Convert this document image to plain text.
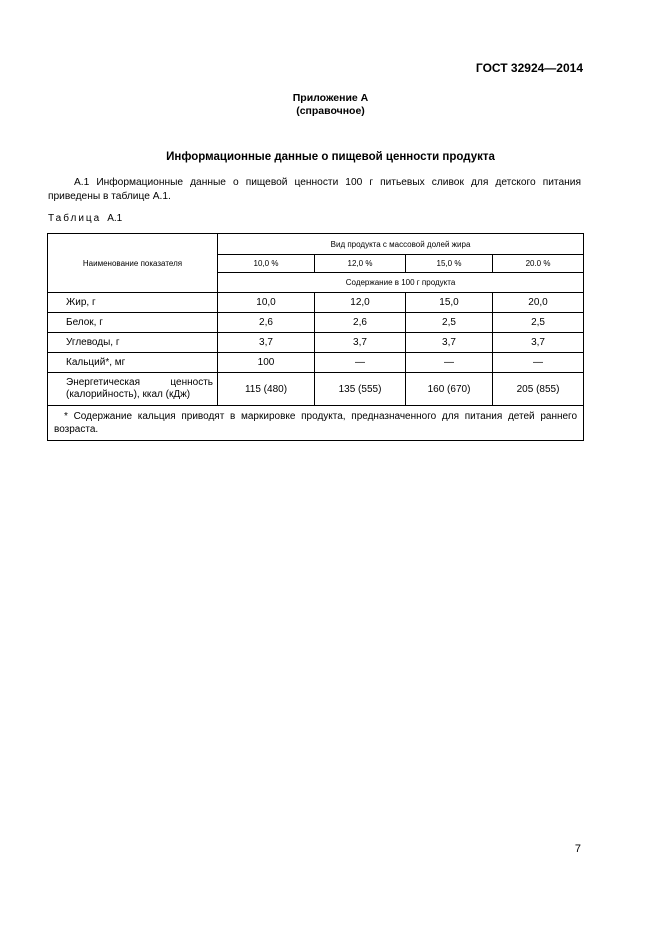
ГОСТ 32924—2014
Приложение А
(справочное)
Информационные данные о пищевой ценности продукта
А.1 Информационные данные о пищевой ценности 100 г питьевых сливок для детского питания приведены в таблице А.1.
Таблица А.1
Наименование показателя	Вид продукта с массовой долей жира			
	10,0 %	12,0 %	15,0 %	20.0 %
	Содержание в 100 г продукта			
Жир, г	10,0	12,0	15,0	20,0
Белок, г	2,6	2,6	2,5	2,5
Углеводы, г	3,7	3,7	3,7	3,7
Кальций*, мг	100	—	—	—
Энергетическая ценность (калорийность), ккал (кДж)	115 (480)	135 (555)	160 (670)	205 (855)
* Содержание кальция приводят в маркировке продукта, предназначенного для питания детей раннего возраста.				
7
